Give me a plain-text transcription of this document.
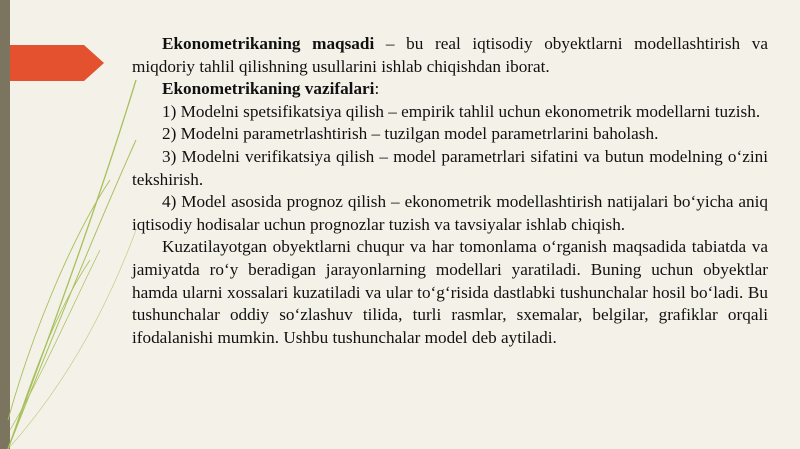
Ekonometrikaning maqsadi – bu real iqtisodiy obyektlarni modellashtirish va miqdoriy tahlil qilishning usullarini ishlab chiqishdan iborat.

Ekonometrikaning vazifalari:

1) Modelni spetsifikatsiya qilish – empirik tahlil uchun ekonometrik modellarni tuzish.

2) Modelni parametrlashtirish – tuzilgan model parametrlarini baholash.

3) Modelni verifikatsiya qilish – model parametrlari sifatini va butun modelning oʻzini tekshirish.

4) Model asosida prognoz qilish – ekonometrik modellashtirish natijalari boʻyicha aniq iqtisodiy hodisalar uchun prognozlar tuzish va tavsiyalar ishlab chiqish.

Kuzatilayotgan obyektlarni chuqur va har tomonlama oʻrganish maqsadida tabiatda va jamiyatda roʻy beradigan jarayonlarning modellari yaratiladi. Buning uchun obyektlar hamda ularni xossalari kuzatiladi va ular toʻgʻrisida dastlabki tushunchalar hosil boʻladi. Bu tushunchalar oddiy soʻzlashuv tilida, turli rasmlar, sxemalar, belgilar, grafiklar orqali ifodalanishi mumkin. Ushbu tushunchalar model deb aytiladi.
